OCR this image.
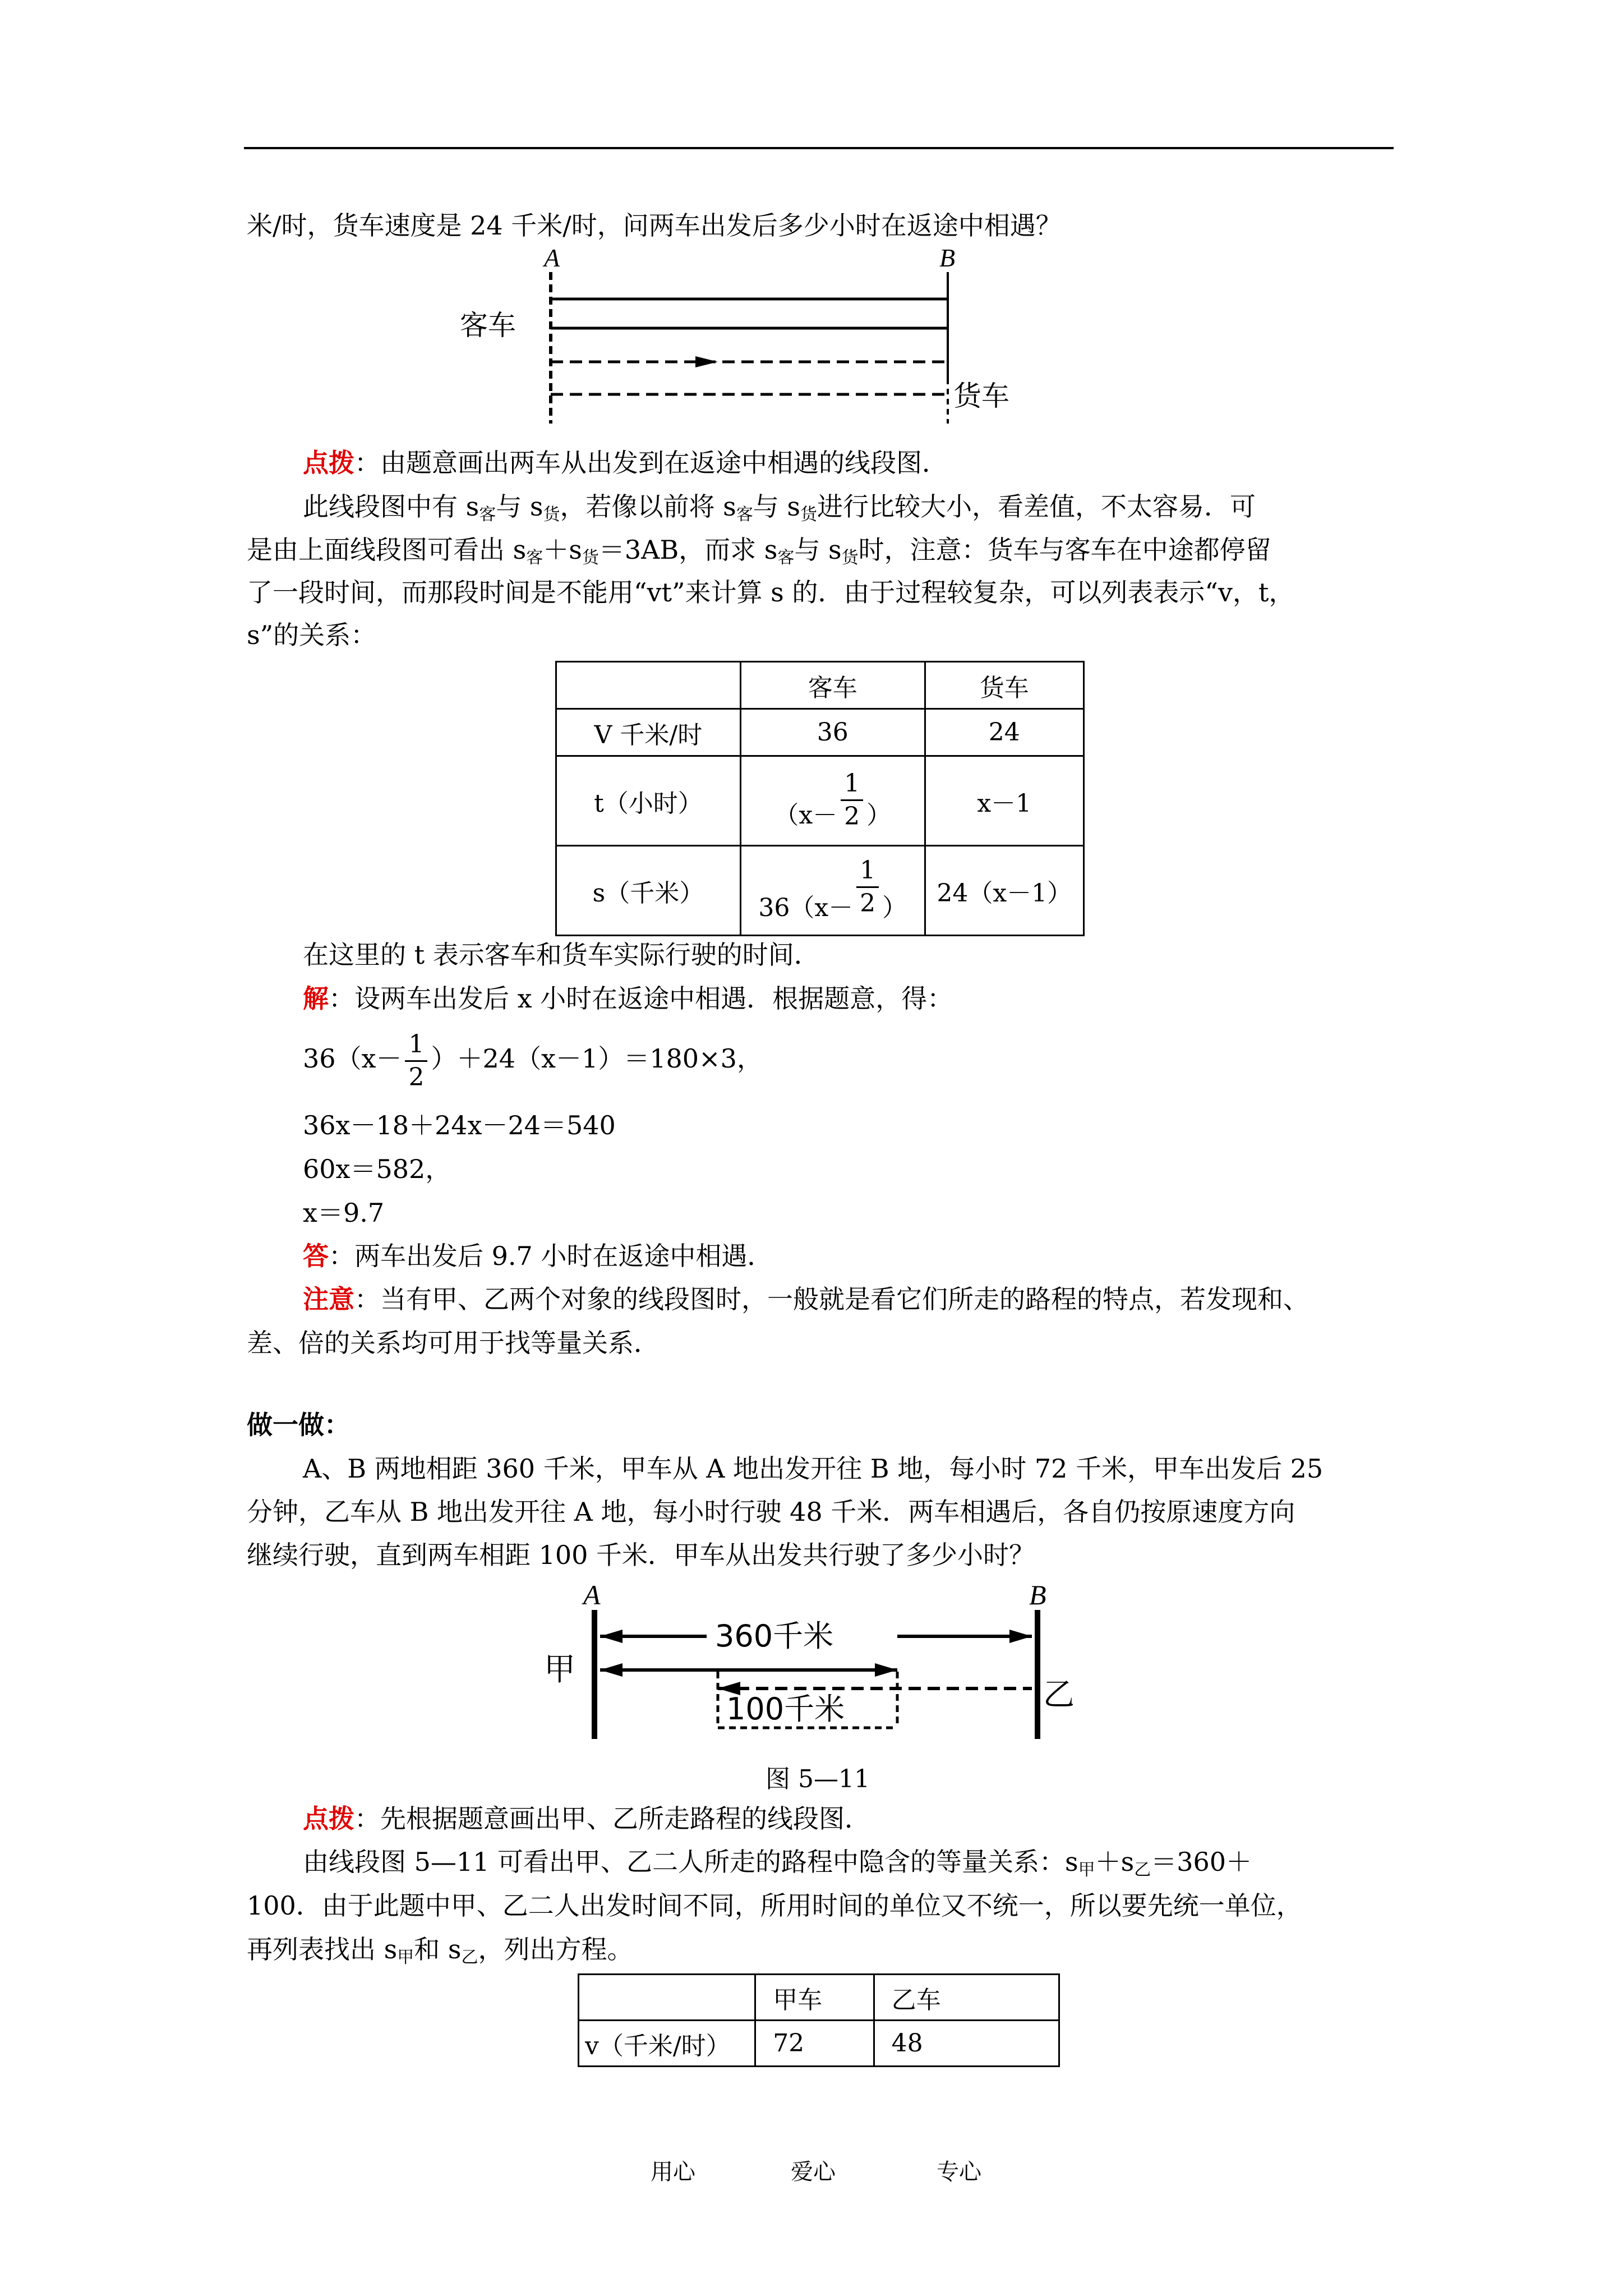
米/时，货车速度是 24 千米/时，问两车出发后多少小时在返途中相遇？
A	B
客车
货车
点拨：由题意画出两车从出发到在返途中相遇的线段图．
此线段图中有 $s_客$与 $s_货$，若像以前将 $s_客$与 $s_货$进行比较大小，看差值，不太容易．可
是由上面线段图可看出 $s_客+s_货=3AB$，而求 $s_客$与 $s_货$时，注意：货车与客车在中途都停留
了一段时间，而那段时间是不能用“vt”来计算 s 的．由于过程较复杂，可以列表表示“v，t，
s”的关系：
	客车	货车
V 千米/时	36	24
t（小时）	（$x- \frac{1}{2}$ ）	x－1
s（千米）	$36(x- \frac{1}{2}$ ）	24（x－1）
在这里的 t 表示客车和货车实际行驶的时间．
解：设两车出发后 x 小时在返途中相遇．根据题意，得：
$36(x- \frac{1}{2} )+24(x-1)=180\times 3$，
36x－18＋24x－24＝540
60x＝582，
x＝9.7
答：两车出发后 9.7 小时在返途中相遇．
注意：当有甲、乙两个对象的线段图时，一般就是看它们所走的路程的特点，若发现和、
差、倍的关系均可用于找等量关系．
做一做：
A、B 两地相距 360 千米，甲车从 A 地出发开往 B 地，每小时 72 千米，甲车出发后 25
分钟，乙车从 B 地出发开往 A 地，每小时行驶 48 千米．两车相遇后，各自仍按原速度方向
继续行驶，直到两车相距 100 千米．甲车从出发共行驶了多少小时？
A	B
360千米
100千米
甲
乙
图 5—11
点拨：先根据题意画出甲、乙所走路程的线段图．
由线段图 5—11 可看出甲、乙二人所走的路程中隐含的等量关系：$s_甲+s_乙=360+$
100．由于此题中甲、乙二人出发时间不同，所用时间的单位又不统一，所以要先统一单位，
再列表找出 $s_甲$和 $s_乙$，列出方程。
	甲车	乙车
v（千米/时）	72	48
用心	爱心	专心
